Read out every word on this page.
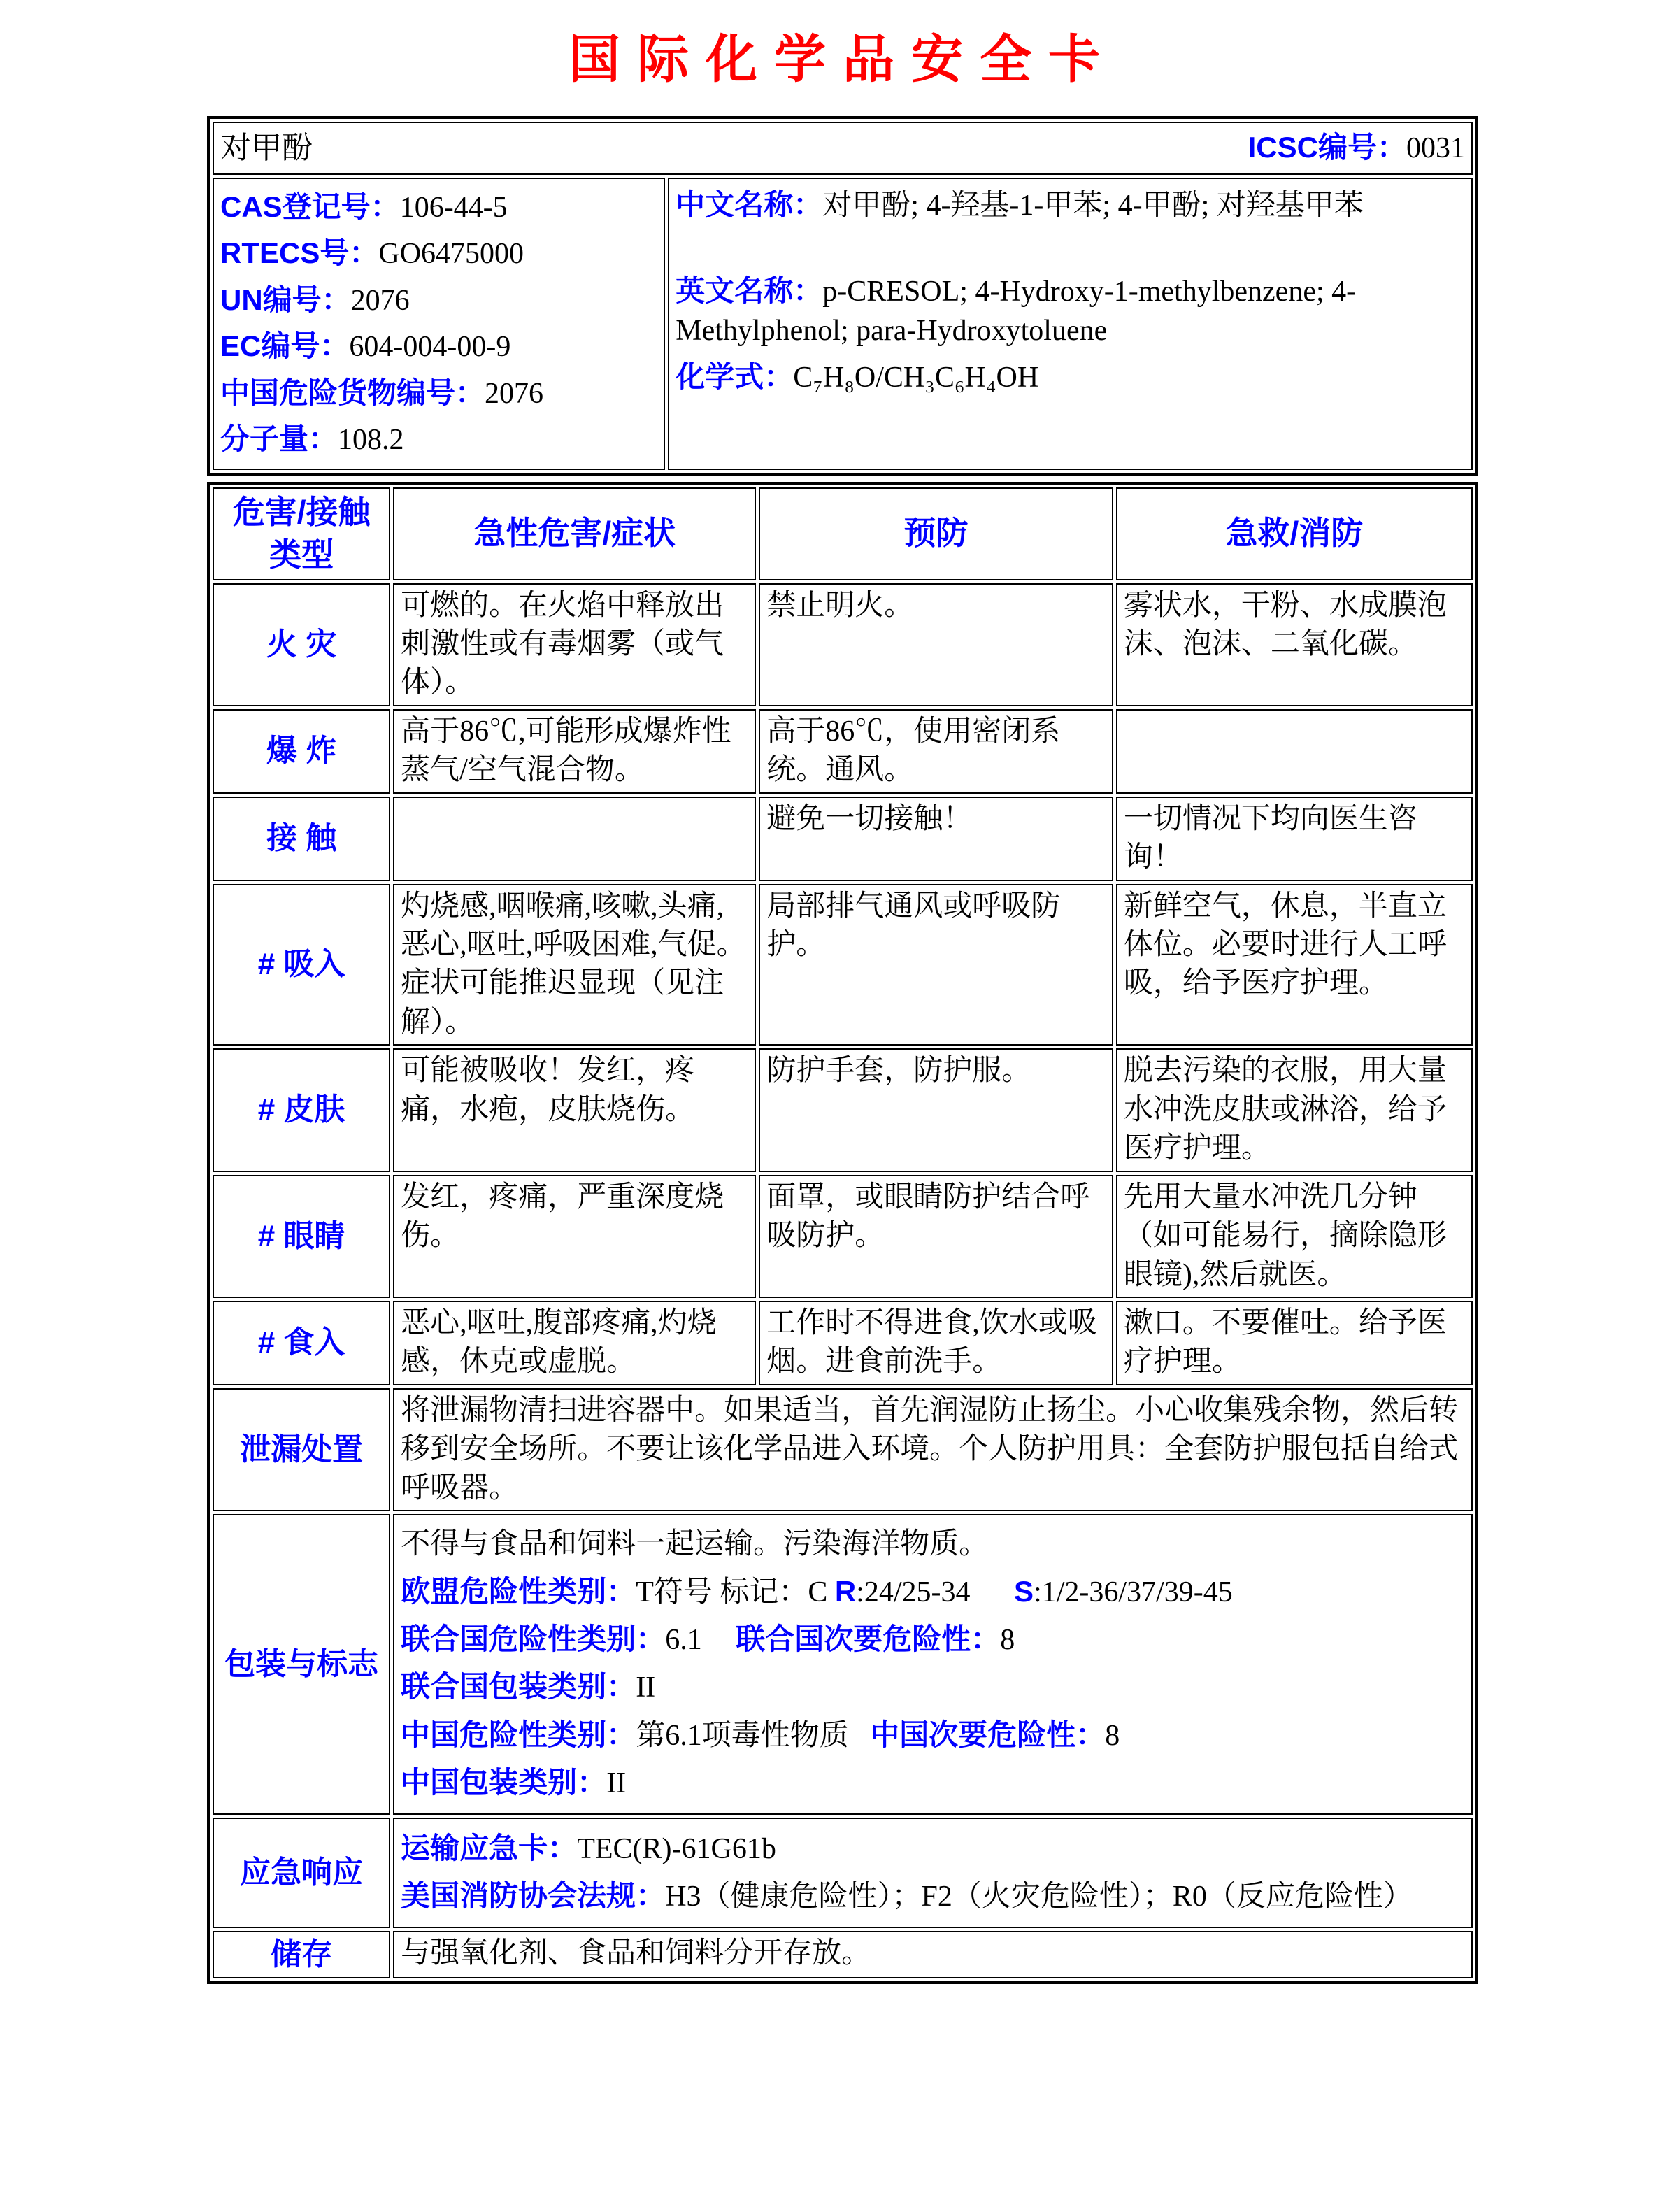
国际化学品安全卡
对甲酚	ICSC编号：0031

CAS登记号：106-44-5

RTECS号：GO6475000

UN编号：2076

EC编号：604-004-00-9

中国危险货物编号：2076

分子量：108.2

中文名称：对甲酚; 4-羟基-1-甲苯; 4-甲酚; 对羟基甲苯

英文名称：p-CRESOL; 4-Hydroxy-1-methylbenzene; 4-Methylphenol; para-Hydroxytoluene

化学式：C₇H₈O/CH₃C₆H₄OH

危害/接触类型	急性危害/症状	预防	急救/消防
火 灾	可燃的。在火焰中释放出刺激性或有毒烟雾（或气体）。	禁止明火。	雾状水，干粉、水成膜泡沫、泡沫、二氧化碳。
爆 炸	高于86℃,可能形成爆炸性蒸气/空气混合物。	高于86℃，使用密闭系统。通风。	
接 触		避免一切接触！	一切情况下均向医生咨询！
# 吸入	灼烧感,咽喉痛,咳嗽,头痛,恶心,呕吐,呼吸困难,气促。症状可能推迟显现（见注解）。	局部排气通风或呼吸防护。	新鲜空气，休息，半直立体位。必要时进行人工呼吸，给予医疗护理。
# 皮肤	可能被吸收！发红，疼痛，水疱，皮肤烧伤。	防护手套，防护服。	脱去污染的衣服，用大量水冲洗皮肤或淋浴，给予医疗护理。
# 眼睛	发红，疼痛，严重深度烧伤。	面罩，或眼睛防护结合呼吸防护。	先用大量水冲洗几分钟（如可能易行，摘除隐形眼镜),然后就医。
# 食入	恶心,呕吐,腹部疼痛,灼烧感，休克或虚脱。	工作时不得进食,饮水或吸烟。进食前洗手。	漱口。不要催吐。给予医疗护理。
泄漏处置	将泄漏物清扫进容器中。如果适当，首先润湿防止扬尘。小心收集残余物，然后转移到安全场所。不要让该化学品进入环境。个人防护用具：全套防护服包括自给式呼吸器。		
包装与标志	

不得与食品和饲料一起运输。污染海洋物质。

欧盟危险性类别：T符号 标记：C R:24/25-34 S:1/2-36/37/39-45

联合国危险性类别：6.1 联合国次要危险性：8

联合国包装类别：II

中国危险性类别：第6.1项毒性物质 中国次要危险性：8

中国包装类别：II

应急响应	运输应急卡：TEC(R)-61G61b

美国消防协会法规：H3（健康危险性）；F2（火灾危险性）；R0（反应危险性）		

储存	与强氧化剂、食品和饲料分开存放。		
